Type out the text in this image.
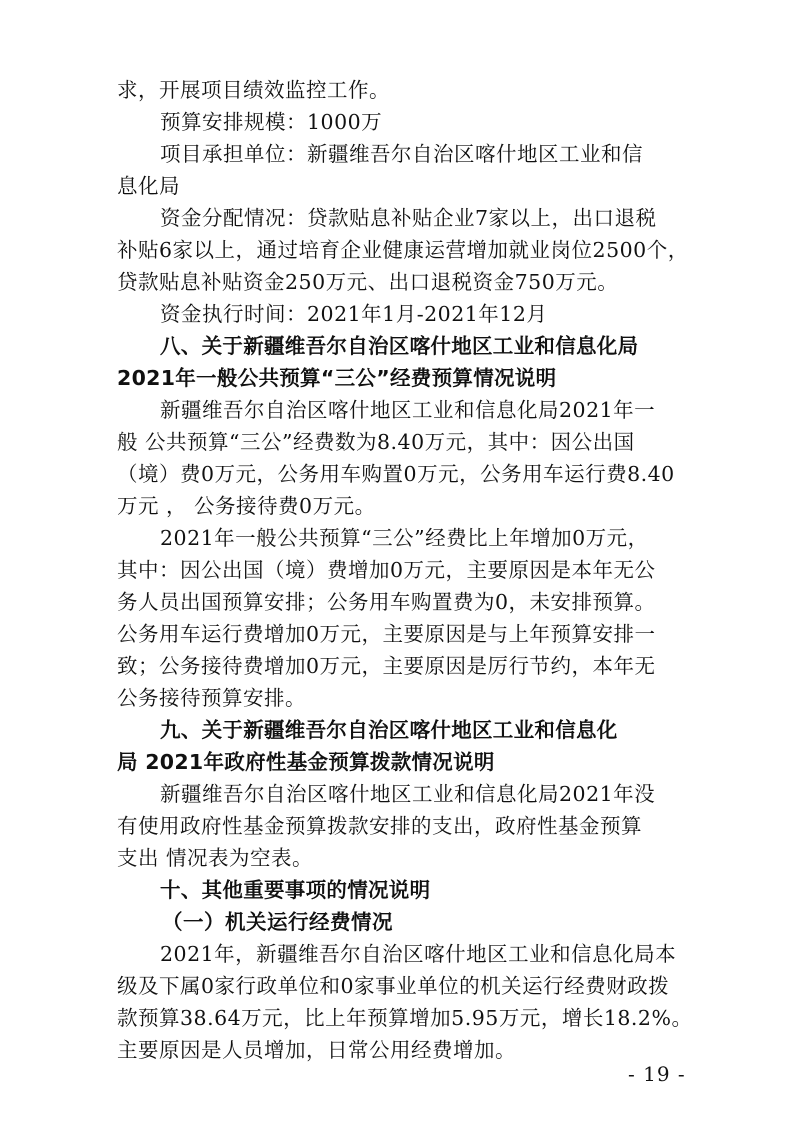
求，开展项目绩效监控工作。
预算安排规模：1000万
项目承担单位：新疆维吾尔自治区喀什地区工业和信
息化局
资金分配情况：贷款贴息补贴企业7家以上，出口退税
补贴6家以上，通过培育企业健康运营增加就业岗位2500个，
贷款贴息补贴资金250万元、出口退税资金750万元。
资金执行时间：2021年1月-2021年12月
八、关于新疆维吾尔自治区喀什地区工业和信息化局
2021年一般公共预算“三公”经费预算情况说明
新疆维吾尔自治区喀什地区工业和信息化局2021年一
般 公共预算“三公”经费数为8.40万元，其中：因公出国
（境）费0万元，公务用车购置0万元，公务用车运行费8.40
万元 ， 公务接待费0万元。
2021年一般公共预算“三公”经费比上年增加0万元，
其中：因公出国（境）费增加0万元，主要原因是本年无公
务人员出国预算安排；公务用车购置费为0，未安排预算。
公务用车运行费增加0万元，主要原因是与上年预算安排一
致；公务接待费增加0万元，主要原因是厉行节约，本年无
公务接待预算安排。
九、关于新疆维吾尔自治区喀什地区工业和信息化
局 2021年政府性基金预算拨款情况说明
新疆维吾尔自治区喀什地区工业和信息化局2021年没
有使用政府性基金预算拨款安排的支出，政府性基金预算
支出 情况表为空表。
十、其他重要事项的情况说明
（一）机关运行经费情况
2021年，新疆维吾尔自治区喀什地区工业和信息化局本
级及下属0家行政单位和0家事业单位的机关运行经费财政拨
款预算38.64万元，比上年预算增加5.95万元，增长18.2%。
主要原因是人员增加，日常公用经费增加。
- 19 -
